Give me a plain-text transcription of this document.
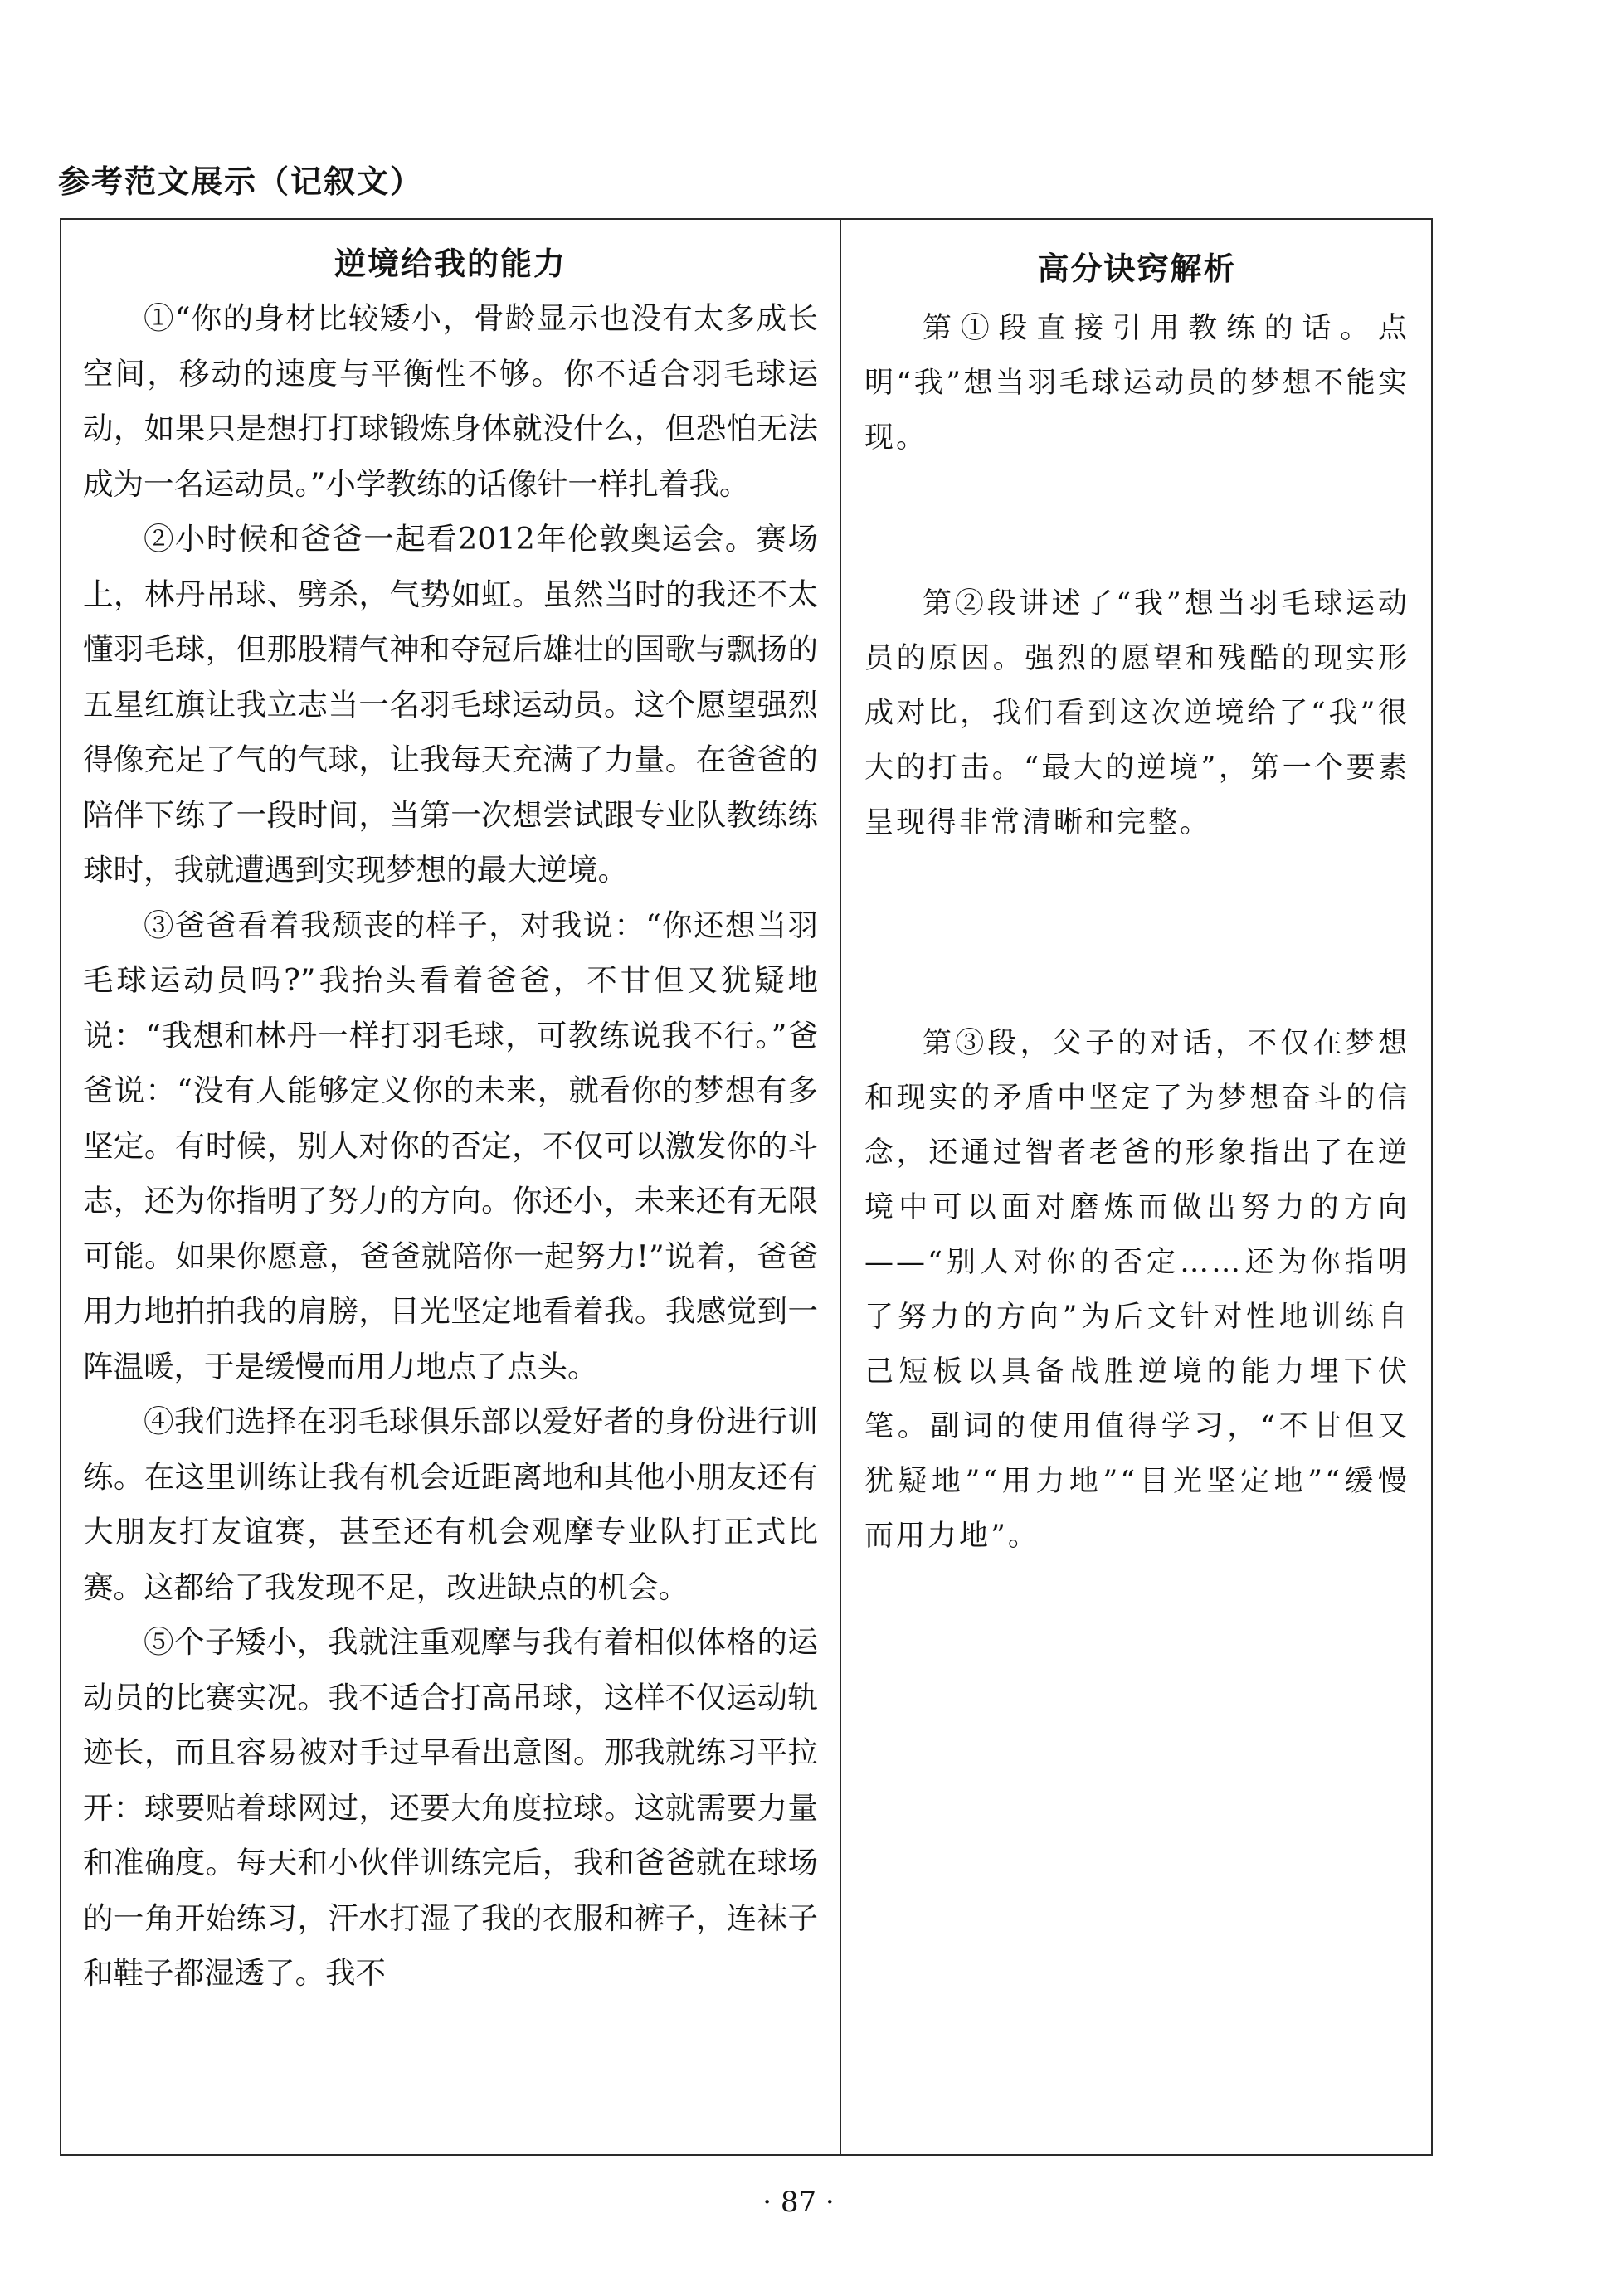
参考范文展示（记叙文）
逆境给我的能力

①“你的身材比较矮小，骨龄显示也没有太多成长空间，移动的速度与平衡性不够。你不适合羽毛球运动，如果只是想打打球锻炼身体就没什么，但恐怕无法成为一名运动员。”小学教练的话像针一样扎着我。

②小时候和爸爸一起看2012年伦敦奥运会。赛场上，林丹吊球、劈杀，气势如虹。虽然当时的我还不太懂羽毛球，但那股精气神和夺冠后雄壮的国歌与飘扬的五星红旗让我立志当一名羽毛球运动员。这个愿望强烈得像充足了气的气球，让我每天充满了力量。在爸爸的陪伴下练了一段时间，当第一次想尝试跟专业队教练练球时，我就遭遇到实现梦想的最大逆境。

③爸爸看着我颓丧的样子，对我说：“你还想当羽毛球运动员吗?”我抬头看着爸爸，不甘但又犹疑地说：“我想和林丹一样打羽毛球，可教练说我不行。”爸爸说：“没有人能够定义你的未来，就看你的梦想有多坚定。有时候，别人对你的否定，不仅可以激发你的斗志，还为你指明了努力的方向。你还小，未来还有无限可能。如果你愿意，爸爸就陪你一起努力!”说着，爸爸用力地拍拍我的肩膀，目光坚定地看着我。我感觉到一阵温暖，于是缓慢而用力地点了点头。

④我们选择在羽毛球俱乐部以爱好者的身份进行训练。在这里训练让我有机会近距离地和其他小朋友还有大朋友打友谊赛，甚至还有机会观摩专业队打正式比赛。这都给了我发现不足，改进缺点的机会。

⑤个子矮小，我就注重观摩与我有着相似体格的运动员的比赛实况。我不适合打高吊球，这样不仅运动轨迹长，而且容易被对手过早看出意图。那我就练习平拉开：球要贴着球网过，还要大角度拉球。这就需要力量和准确度。每天和小伙伴训练完后，我和爸爸就在球场的一角开始练习，汗水打湿了我的衣服和裤子，连袜子和鞋子都湿透了。我不

高分诀窍解析

第①段直接引用教练的话。点明“我”想当羽毛球运动员的梦想不能实现。

第②段讲述了“我”想当羽毛球运动员的原因。强烈的愿望和残酷的现实形成对比，我们看到这次逆境给了“我”很大的打击。“最大的逆境”，第一个要素呈现得非常清晰和完整。

第③段，父子的对话，不仅在梦想和现实的矛盾中坚定了为梦想奋斗的信念，还通过智者老爸的形象指出了在逆境中可以面对磨炼而做出努力的方向——“别人对你的否定……还为你指明了努力的方向”为后文针对性地训练自己短板以具备战胜逆境的能力埋下伏笔。副词的使用值得学习，“不甘但又犹疑地”“用力地”“目光坚定地”“缓慢而用力地”。

· 87 ·
